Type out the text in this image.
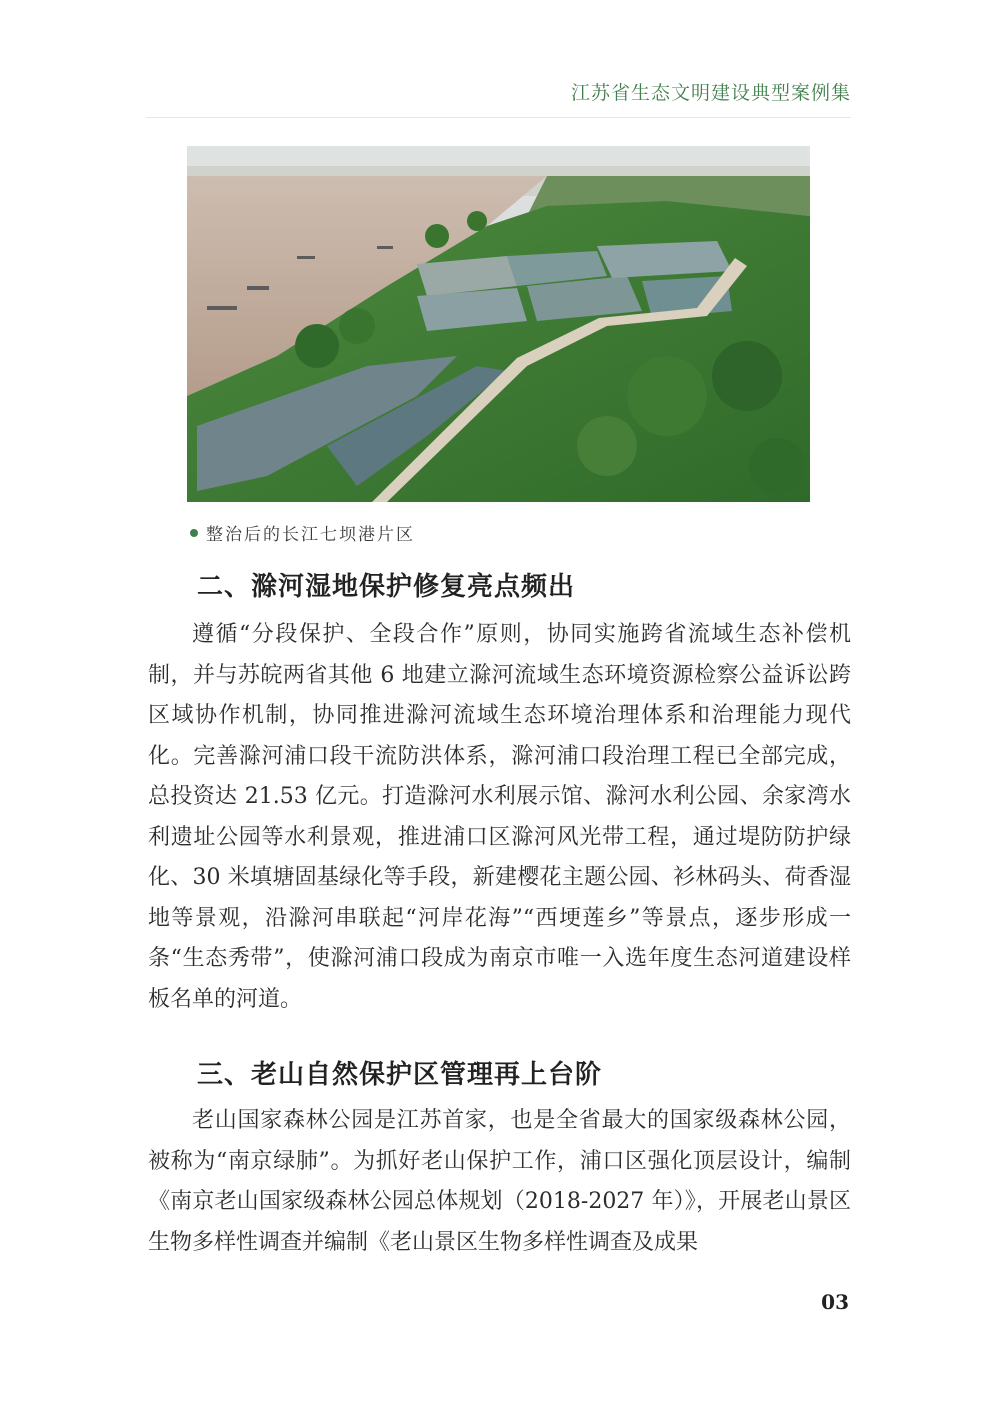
江苏省生态文明建设典型案例集
整治后的长江七坝港片区
二、滁河湿地保护修复亮点频出

遵循“分段保护、全段合作”原则，协同实施跨省流域生态补偿机制，并与苏皖两省其他 6 地建立滁河流域生态环境资源检察公益诉讼跨区域协作机制，协同推进滁河流域生态环境治理体系和治理能力现代化。完善滁河浦口段干流防洪体系，滁河浦口段治理工程已全部完成，总投资达 21.53 亿元。打造滁河水利展示馆、滁河水利公园、余家湾水利遗址公园等水利景观，推进浦口区滁河风光带工程，通过堤防防护绿化、30 米填塘固基绿化等手段，新建樱花主题公园、衫林码头、荷香湿地等景观，沿滁河串联起“河岸花海”“西埂莲乡”等景点，逐步形成一条“生态秀带”，使滁河浦口段成为南京市唯一入选年度生态河道建设样板名单的河道。

三、老山自然保护区管理再上台阶

老山国家森林公园是江苏首家，也是全省最大的国家级森林公园，被称为“南京绿肺”。为抓好老山保护工作，浦口区强化顶层设计，编制《南京老山国家级森林公园总体规划（2018-2027 年）》，开展老山景区生物多样性调查并编制《老山景区生物多样性调查及成果

03
